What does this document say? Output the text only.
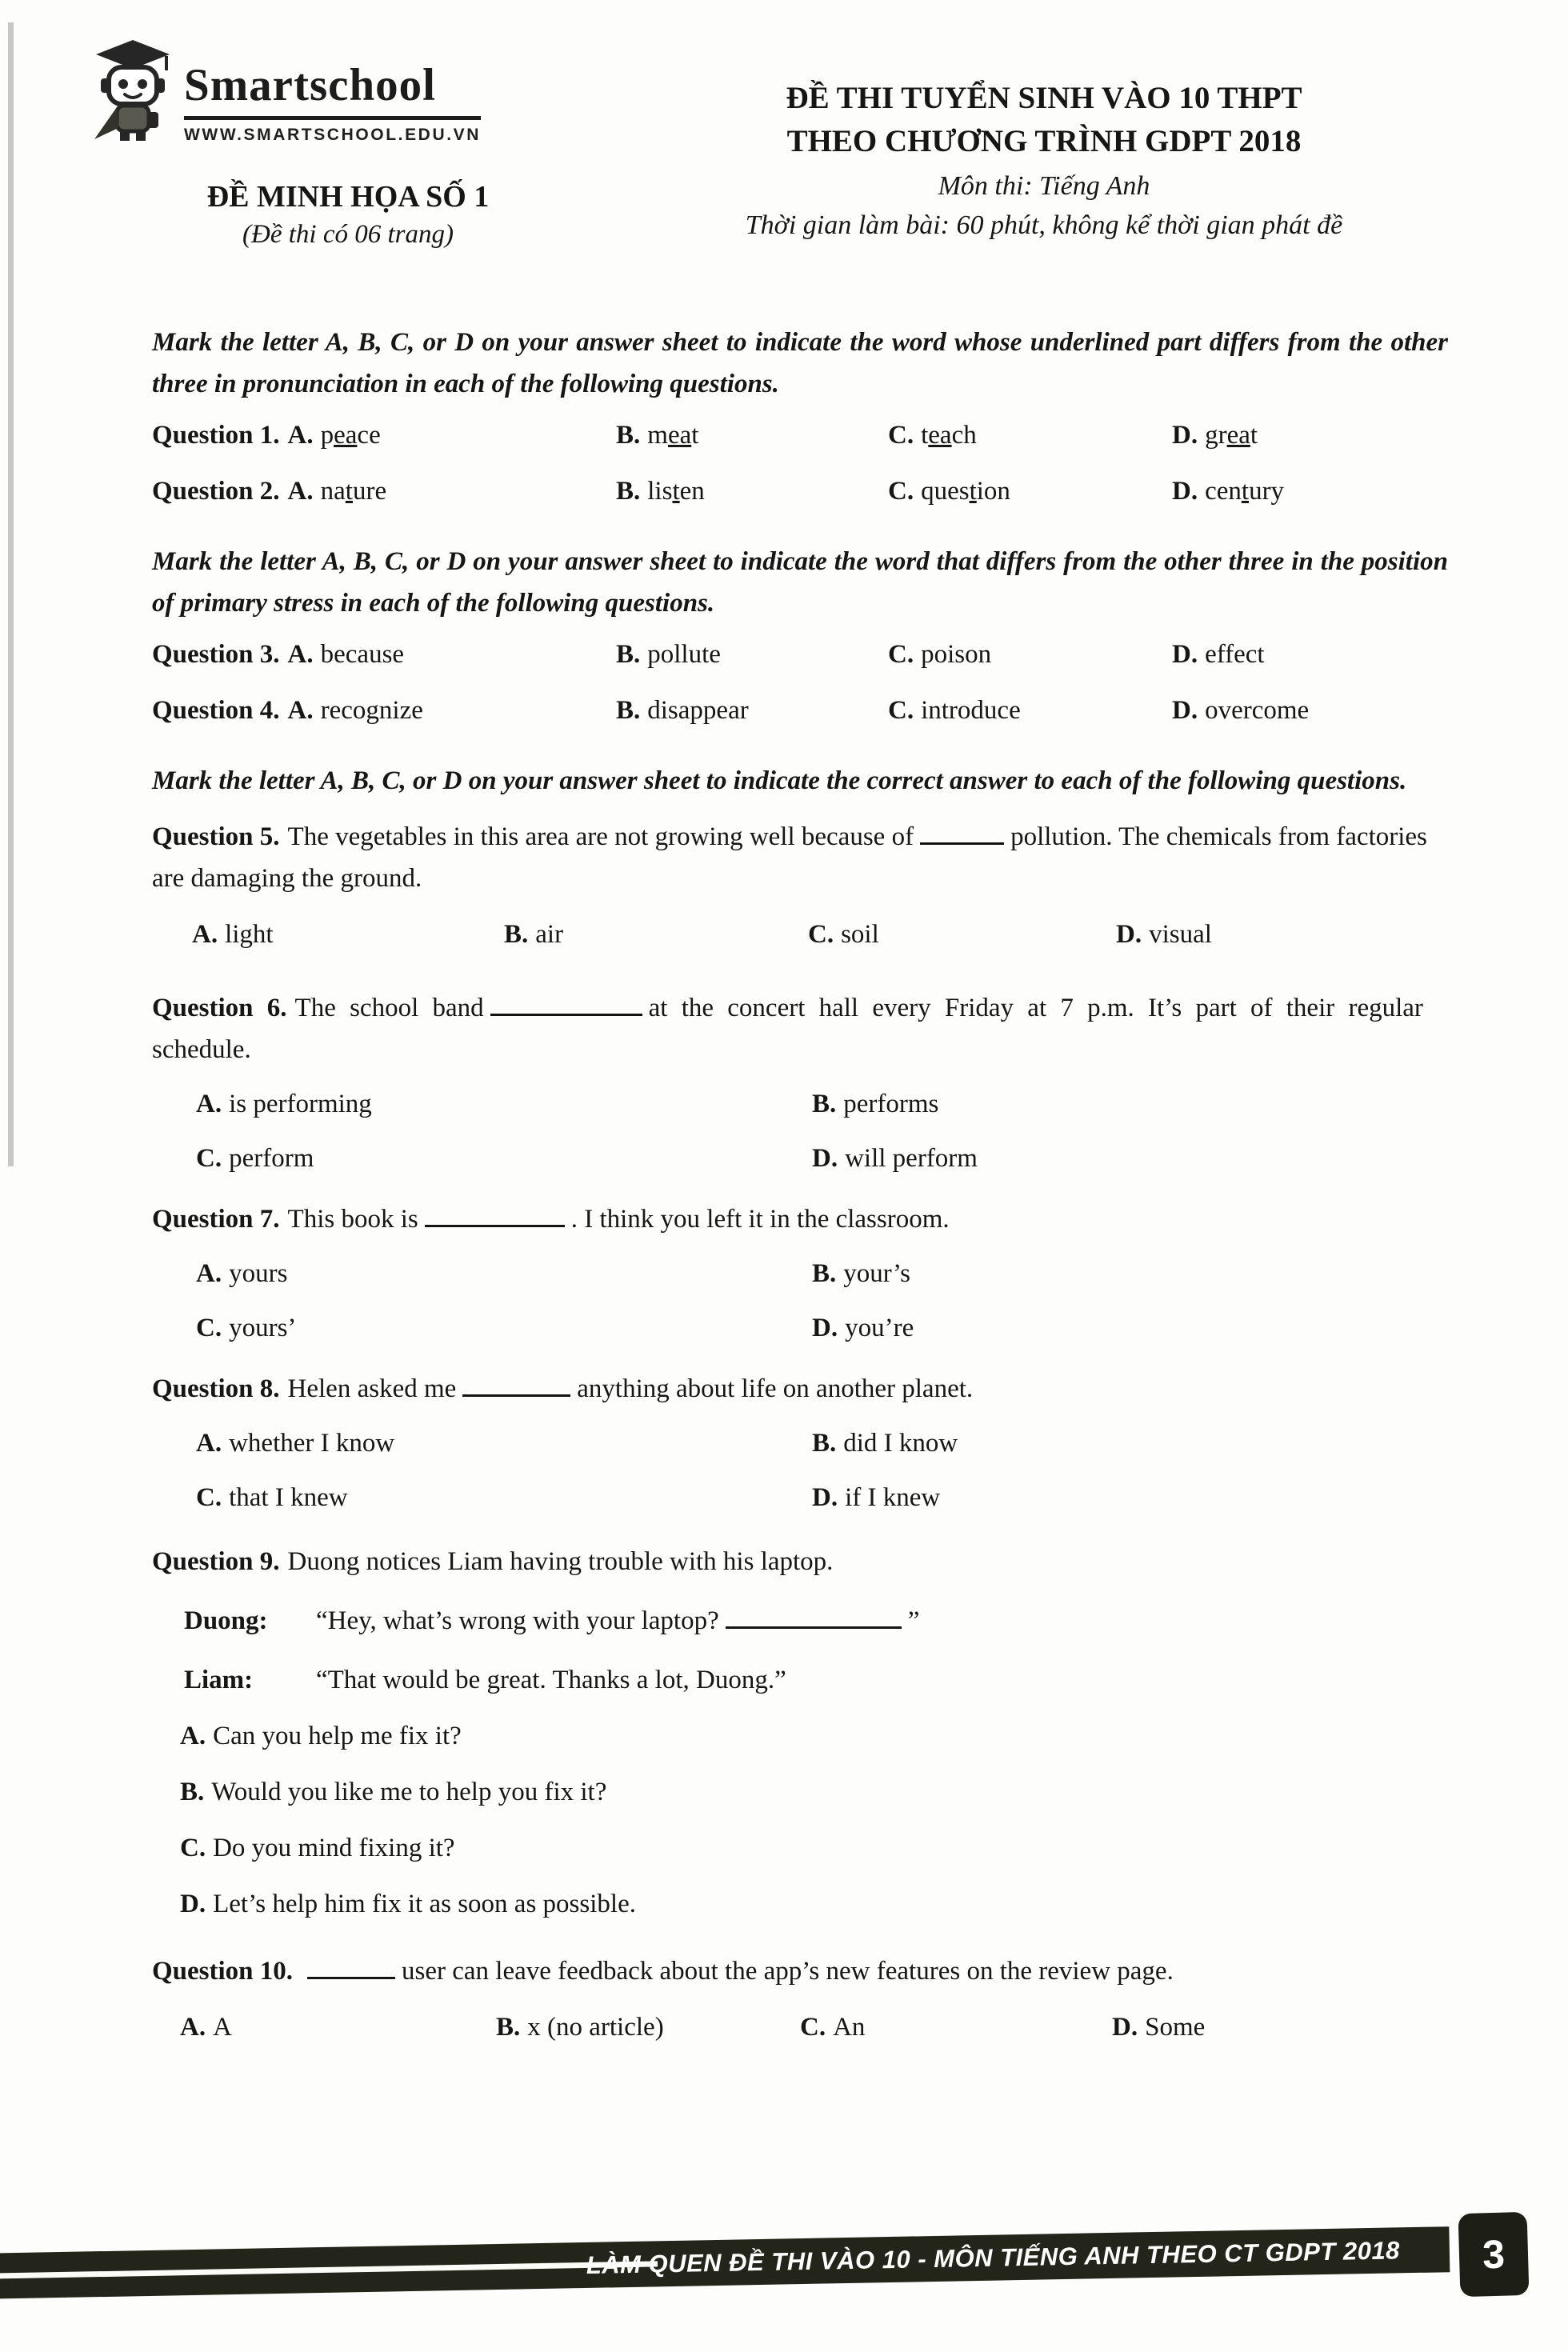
Smartschool
WWW.SMARTSCHOOL.EDU.VN
ĐỀ MINH HỌA SỐ 1
(Đề thi có 06 trang)
ĐỀ THI TUYỂN SINH VÀO 10 THPT
THEO CHƯƠNG TRÌNH GDPT 2018
Môn thi: Tiếng Anh
Thời gian làm bài: 60 phút, không kể thời gian phát đề
Mark the letter A, B, C, or D on your answer sheet to indicate the word whose underlined part differs from the other three in pronunciation in each of the following questions.
Question 1. A. peace	B. meat	C. teach	D. great
Question 2. A. nature	B. listen	C. question	D. century
Mark the letter A, B, C, or D on your answer sheet to indicate the word that differs from the other three in the position of primary stress in each of the following questions.
Question 3. A. because	B. pollute	C. poison	D. effect
Question 4. A. recognize	B. disappear	C. introduce	D. overcome
Mark the letter A, B, C, or D on your answer sheet to indicate the correct answer to each of the following questions.
Question 5. The vegetables in this area are not growing well because of	pollution. The chemicals from factories are damaging the ground.
A. light	B. air	C. soil	D. visual
Question 6. The school band	at the concert hall every Friday at 7 p.m. It’s part of their regular schedule.
A. is performing	B. performs
C. perform	D. will perform
Question 7. This book is	. I think you left it in the classroom.
A. yours	B. your’s
C. yours’	D. you’re
Question 8. Helen asked me	anything about life on another planet.
A. whether I know	B. did I know
C. that I knew	D. if I knew
Question 9. Duong notices Liam having trouble with his laptop.
Duong:	“Hey, what’s wrong with your laptop?	”
Liam:	“That would be great. Thanks a lot, Duong.”
A. Can you help me fix it?
B. Would you like me to help you fix it?
C. Do you mind fixing it?
D. Let’s help him fix it as soon as possible.
Question 10.	user can leave feedback about the app’s new features on the review page.
A. A	B. x (no article)	C. An	D. Some
LÀM QUEN ĐỀ THI VÀO 10 - MÔN TIẾNG ANH THEO CT GDPT 2018 3
